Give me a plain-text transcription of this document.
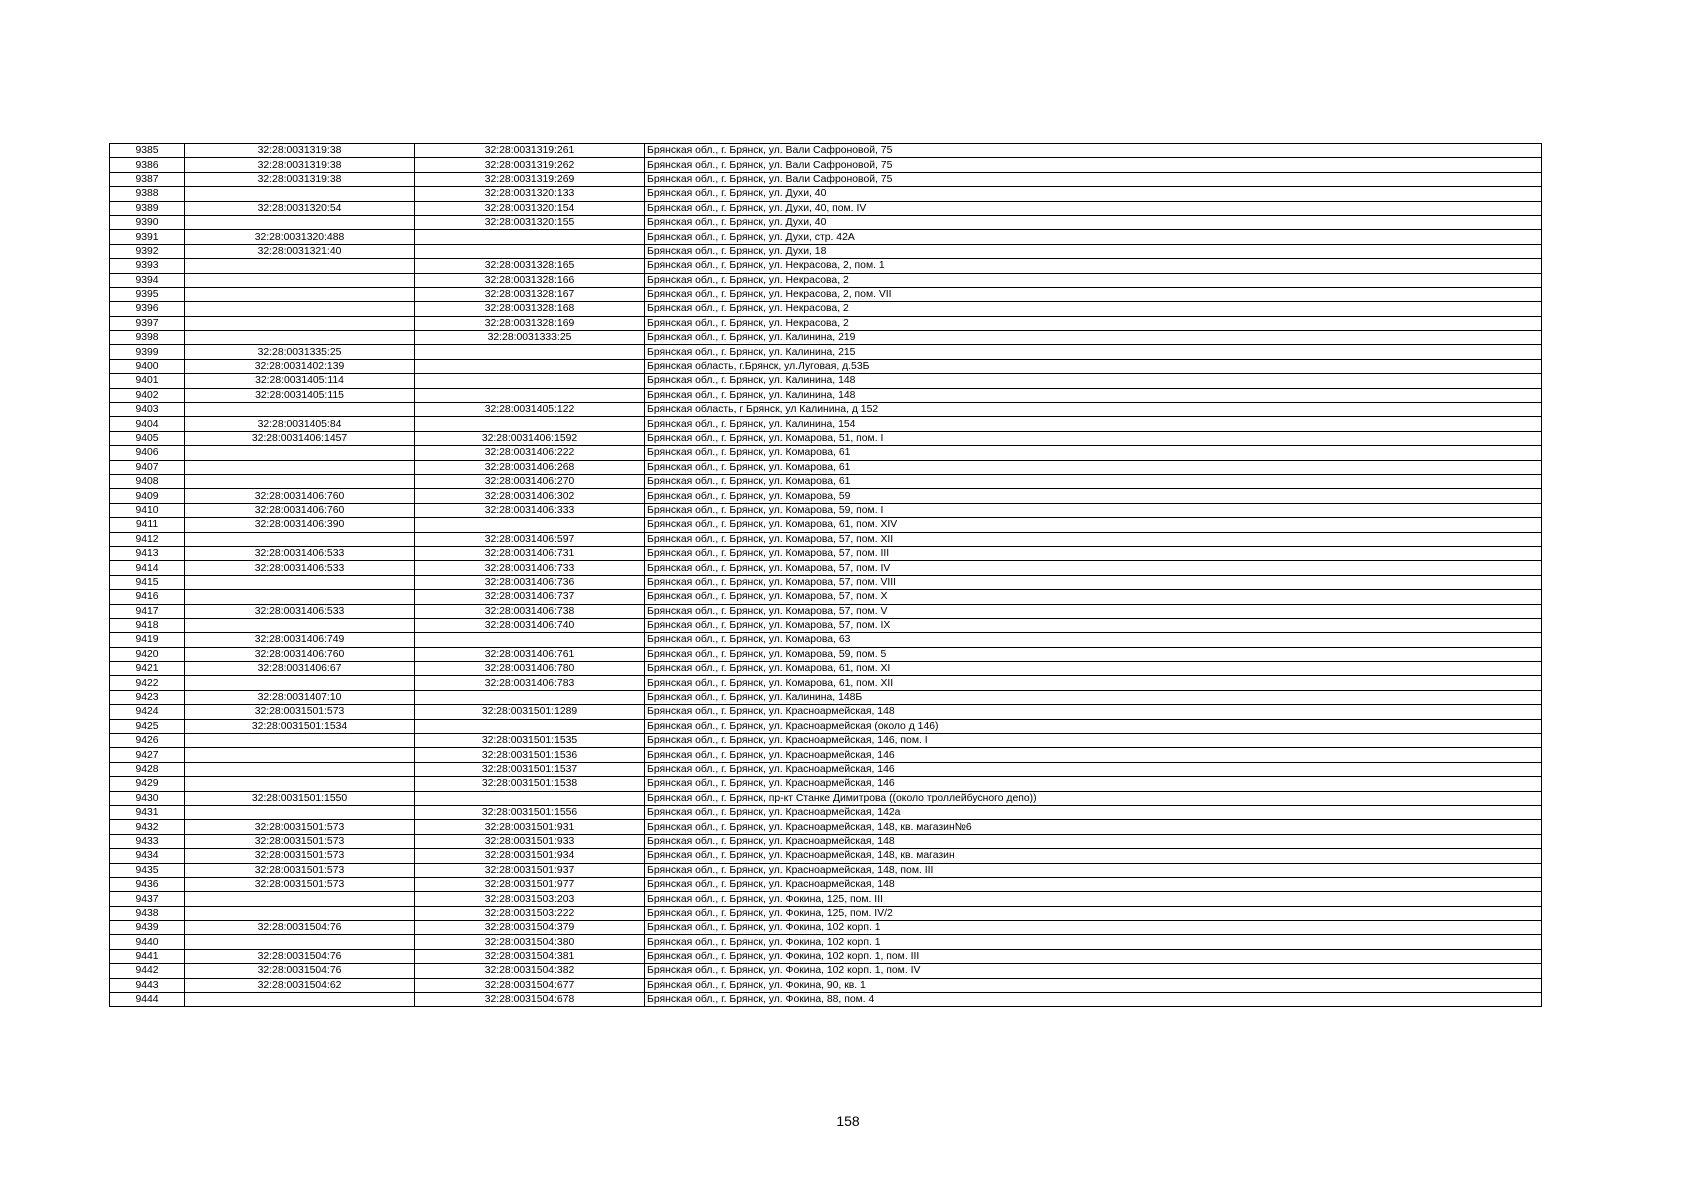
9385	32:28:0031319:38	32:28:0031319:261	Брянская обл., г. Брянск, ул. Вали Сафроновой, 75
9386	32:28:0031319:38	32:28:0031319:262	Брянская обл., г. Брянск, ул. Вали Сафроновой, 75
9387	32:28:0031319:38	32:28:0031319:269	Брянская обл., г. Брянск, ул. Вали Сафроновой, 75
9388		32:28:0031320:133	Брянская обл., г. Брянск, ул. Духи, 40
9389	32:28:0031320:54	32:28:0031320:154	Брянская обл., г. Брянск, ул. Духи, 40, пом. IV
9390		32:28:0031320:155	Брянская обл., г. Брянск, ул. Духи, 40
9391	32:28:0031320:488		Брянская обл., г. Брянск, ул. Духи, стр. 42А
9392	32:28:0031321:40		Брянская обл., г. Брянск, ул. Духи, 18
9393		32:28:0031328:165	Брянская обл., г. Брянск, ул. Некрасова, 2, пом. 1
9394		32:28:0031328:166	Брянская обл., г. Брянск, ул. Некрасова, 2
9395		32:28:0031328:167	Брянская обл., г. Брянск, ул. Некрасова, 2, пом. VII
9396		32:28:0031328:168	Брянская обл., г. Брянск, ул. Некрасова, 2
9397		32:28:0031328:169	Брянская обл., г. Брянск, ул. Некрасова, 2
9398		32:28:0031333:25	Брянская обл., г. Брянск, ул. Калинина, 219
9399	32:28:0031335:25		Брянская обл., г. Брянск, ул. Калинина, 215
9400	32:28:0031402:139		Брянская область, г.Брянск, ул.Луговая, д.53Б
9401	32:28:0031405:114		Брянская обл., г. Брянск, ул. Калинина, 148
9402	32:28:0031405:115		Брянская обл., г. Брянск, ул. Калинина, 148
9403		32:28:0031405:122	Брянская область, г Брянск, ул Калинина, д 152
9404	32:28:0031405:84		Брянская обл., г. Брянск, ул. Калинина, 154
9405	32:28:0031406:1457	32:28:0031406:1592	Брянская обл., г. Брянск, ул. Комарова, 51, пом. I
9406		32:28:0031406:222	Брянская обл., г. Брянск, ул. Комарова, 61
9407		32:28:0031406:268	Брянская обл., г. Брянск, ул. Комарова, 61
9408		32:28:0031406:270	Брянская обл., г. Брянск, ул. Комарова, 61
9409	32:28:0031406:760	32:28:0031406:302	Брянская обл., г. Брянск, ул. Комарова, 59
9410	32:28:0031406:760	32:28:0031406:333	Брянская обл., г. Брянск, ул. Комарова, 59, пом. I
9411	32:28:0031406:390		Брянская обл., г. Брянск, ул. Комарова, 61, пом. XIV
9412		32:28:0031406:597	Брянская обл., г. Брянск, ул. Комарова, 57, пом. XII
9413	32:28:0031406:533	32:28:0031406:731	Брянская обл., г. Брянск, ул. Комарова, 57, пом. III
9414	32:28:0031406:533	32:28:0031406:733	Брянская обл., г. Брянск, ул. Комарова, 57, пом. IV
9415		32:28:0031406:736	Брянская обл., г. Брянск, ул. Комарова, 57, пом. VIII
9416		32:28:0031406:737	Брянская обл., г. Брянск, ул. Комарова, 57, пом. X
9417	32:28:0031406:533	32:28:0031406:738	Брянская обл., г. Брянск, ул. Комарова, 57, пом. V
9418		32:28:0031406:740	Брянская обл., г. Брянск, ул. Комарова, 57, пом. IX
9419	32:28:0031406:749		Брянская обл., г. Брянск, ул. Комарова, 63
9420	32:28:0031406:760	32:28:0031406:761	Брянская обл., г. Брянск, ул. Комарова, 59, пом. 5
9421	32:28:0031406:67	32:28:0031406:780	Брянская обл., г. Брянск, ул. Комарова, 61, пом. XI
9422		32:28:0031406:783	Брянская обл., г. Брянск, ул. Комарова, 61, пом. XII
9423	32:28:0031407:10		Брянская обл., г. Брянск, ул. Калинина, 148Б
9424	32:28:0031501:573	32:28:0031501:1289	Брянская обл., г. Брянск, ул. Красноармейская, 148
9425	32:28:0031501:1534		Брянская обл., г. Брянск, ул. Красноармейская (около д 146)
9426		32:28:0031501:1535	Брянская обл., г. Брянск, ул. Красноармейская, 146, пом. I
9427		32:28:0031501:1536	Брянская обл., г. Брянск, ул. Красноармейская, 146
9428		32:28:0031501:1537	Брянская обл., г. Брянск, ул. Красноармейская, 146
9429		32:28:0031501:1538	Брянская обл., г. Брянск, ул. Красноармейская, 146
9430	32:28:0031501:1550		Брянская обл., г. Брянск, пр-кт Станке Димитрова ((около троллейбусного депо))
9431		32:28:0031501:1556	Брянская обл., г. Брянск, ул. Красноармейская, 142а
9432	32:28:0031501:573	32:28:0031501:931	Брянская обл., г. Брянск, ул. Красноармейская, 148, кв. магазин№6
9433	32:28:0031501:573	32:28:0031501:933	Брянская обл., г. Брянск, ул. Красноармейская, 148
9434	32:28:0031501:573	32:28:0031501:934	Брянская обл., г. Брянск, ул. Красноармейская, 148, кв. магазин
9435	32:28:0031501:573	32:28:0031501:937	Брянская обл., г. Брянск, ул. Красноармейская, 148, пом. III
9436	32:28:0031501:573	32:28:0031501:977	Брянская обл., г. Брянск, ул. Красноармейская, 148
9437		32:28:0031503:203	Брянская обл., г. Брянск, ул. Фокина, 125, пом. III
9438		32:28:0031503:222	Брянская обл., г. Брянск, ул. Фокина, 125, пом. IV/2
9439	32:28:0031504:76	32:28:0031504:379	Брянская обл., г. Брянск, ул. Фокина, 102 корп. 1
9440		32:28:0031504:380	Брянская обл., г. Брянск, ул. Фокина, 102 корп. 1
9441	32:28:0031504:76	32:28:0031504:381	Брянская обл., г. Брянск, ул. Фокина, 102 корп. 1, пом. III
9442	32:28:0031504:76	32:28:0031504:382	Брянская обл., г. Брянск, ул. Фокина, 102 корп. 1, пом. IV
9443	32:28:0031504:62	32:28:0031504:677	Брянская обл., г. Брянск, ул. Фокина, 90, кв. 1
9444		32:28:0031504:678	Брянская обл., г. Брянск, ул. Фокина, 88, пом. 4
158
